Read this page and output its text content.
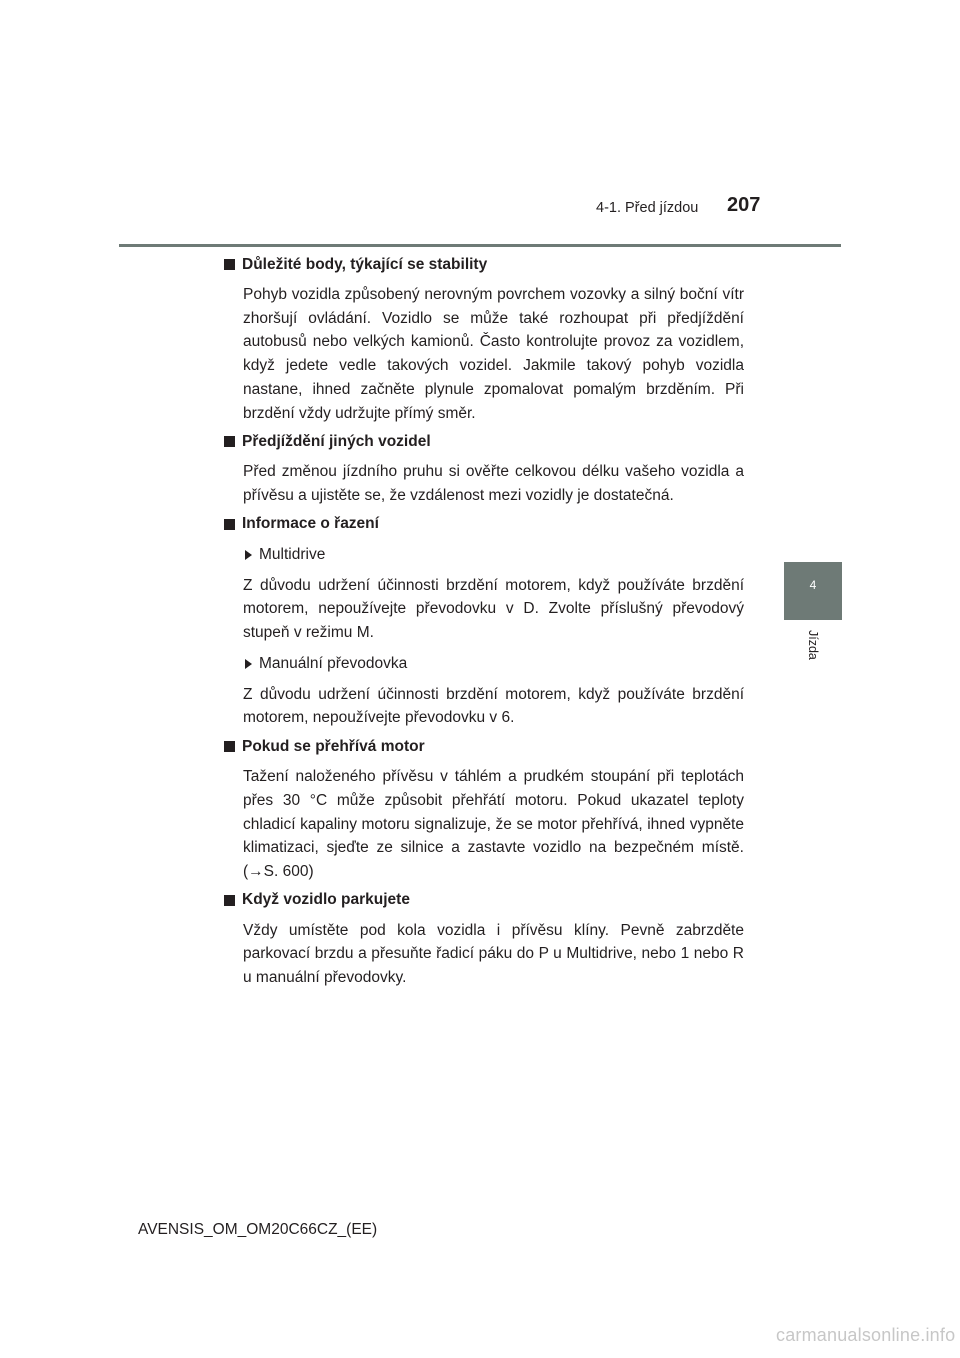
4-1. Před jízdou 207
4
Jízda
Důležité body, týkající se stability

Pohyb vozidla způsobený nerovným povrchem vozovky a silný boční vítr zhoršují ovládání. Vozidlo se může také rozhoupat při předjíždění autobusů nebo velkých kamionů. Často kontrolujte provoz za vozidlem, když jedete vedle takových vozidel. Jakmile takový pohyb vozidla nastane, ihned začněte plynule zpomalovat pomalým brzděním. Při brzdění vždy udržujte přímý směr.

Předjíždění jiných vozidel

Před změnou jízdního pruhu si ověřte celkovou délku vašeho vozidla a přívěsu a ujistěte se, že vzdálenost mezi vozidly je dostatečná.

Informace o řazení
Multidrive

Z důvodu udržení účinnosti brzdění motorem, když používáte brzdění motorem, nepoužívejte převodovku v D. Zvolte příslušný převodový stupeň v režimu M.

Manuální převodovka

Z důvodu udržení účinnosti brzdění motorem, když používáte brzdění motorem, nepoužívejte převodovku v 6.

Pokud se přehřívá motor

Tažení naloženého přívěsu v táhlém a prudkém stoupání při teplotách přes 30 °C může způsobit přehřátí motoru. Pokud ukazatel teploty chladicí kapaliny motoru signalizuje, že se motor přehřívá, ihned vypněte klimatizaci, sjeďte ze silnice a zastavte vozidlo na bezpečném místě. (→S. 600)

Když vozidlo parkujete

Vždy umístěte pod kola vozidla i přívěsu klíny. Pevně zabrzděte parkovací brzdu a přesuňte řadicí páku do P u Multidrive, nebo 1 nebo R u manuální převodovky.

AVENSIS_OM_OM20C66CZ_(EE)
carmanualsonline.info
